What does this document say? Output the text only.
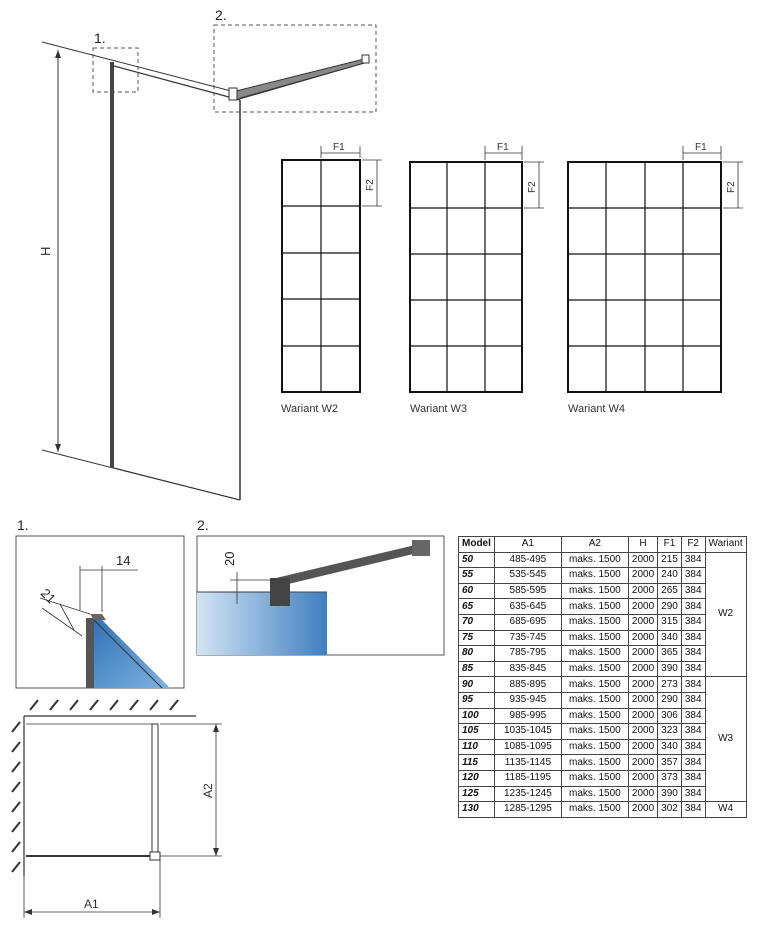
H
F1
F2
F1
F2
F1
F2
14
21
20
A2
A1
1.
2.
1.	2.
Wariant W2	Wariant W3	Wariant W4
Model	A1	A2	H	F1	F2	Wariant
50	485-495	maks. 1500	2000	215	384	W2
55	535-545	maks. 1500	2000	240	384	
60	585-595	maks. 1500	2000	265	384	
65	635-645	maks. 1500	2000	290	384	
70	685-695	maks. 1500	2000	315	384	
75	735-745	maks. 1500	2000	340	384	
80	785-795	maks. 1500	2000	365	384	
85	835-845	maks. 1500	2000	390	384	
90	885-895	maks. 1500	2000	273	384	W3
95	935-945	maks. 1500	2000	290	384	
100	985-995	maks. 1500	2000	306	384	
105	1035-1045	maks. 1500	2000	323	384	
110	1085-1095	maks. 1500	2000	340	384	
115	1135-1145	maks. 1500	2000	357	384	
120	1185-1195	maks. 1500	2000	373	384	
125	1235-1245	maks. 1500	2000	390	384	
130	1285-1295	maks. 1500	2000	302	384	W4
